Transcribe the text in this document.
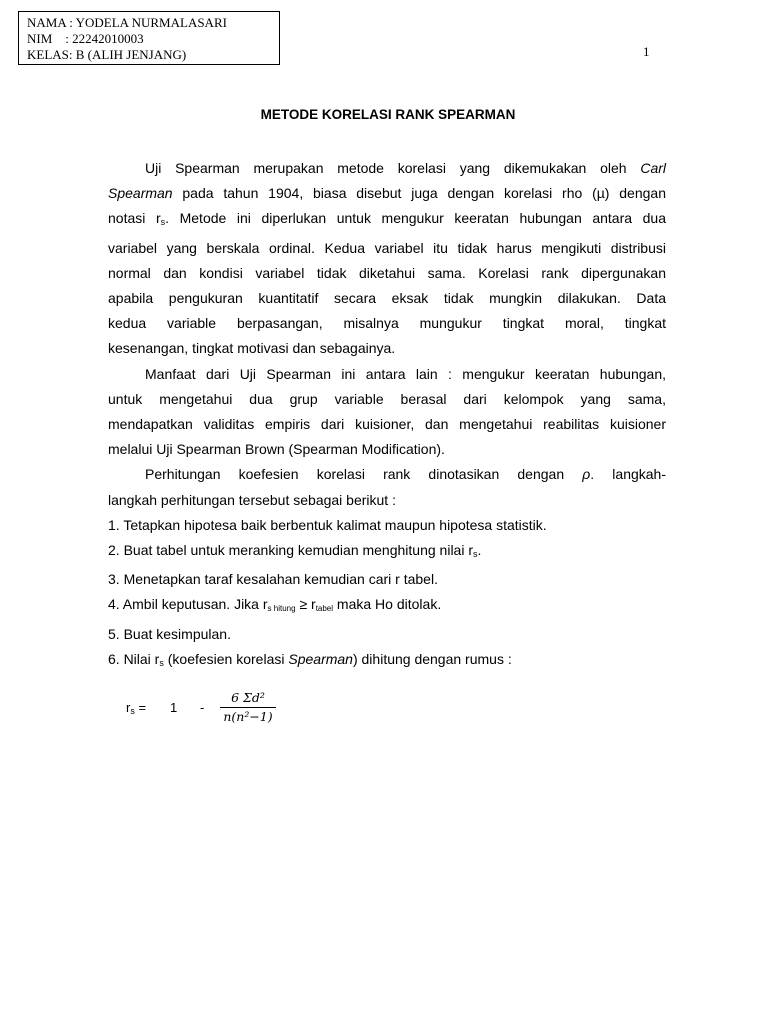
NAMA : YODELA NURMALASARI
NIM    : 22242010003
KELAS: B (ALIH JENJANG)	1
METODE KORELASI RANK SPEARMAN

Uji Spearman merupakan metode korelasi yang dikemukakan oleh Carl
Spearman pada tahun 1904, biasa disebut juga dengan korelasi rho (µ) dengan
notasi $r_s$. Metode ini diperlukan untuk mengukur keeratan hubungan antara dua
variabel yang berskala ordinal. Kedua variabel itu tidak harus mengikuti distribusi
normal dan kondisi variabel tidak diketahui sama. Korelasi rank dipergunakan
apabila pengukuran kuantitatif secara eksak tidak mungkin dilakukan. Data
kedua variable berpasangan, misalnya mungukur tingkat moral, tingkat
kesenangan, tingkat motivasi dan sebagainya.

Manfaat dari Uji Spearman ini antara lain : mengukur keeratan hubungan,
untuk mengetahui dua grup variable berasal dari kelompok yang sama,
mendapatkan validitas empiris dari kuisioner, dan mengetahui reabilitas kuisioner
melalui Uji Spearman Brown (Spearman Modification).

Perhitungan koefesien korelasi rank dinotasikan dengan ρ. langkah-
langkah perhitungan tersebut sebagai berikut :

1. Tetapkan hipotesa baik berbentuk kalimat maupun hipotesa statistik.
2. Buat tabel untuk meranking kemudian menghitung nilai $r_s$.
3. Menetapkan taraf kesalahan kemudian cari r tabel.
4. Ambil keputusan. Jika rs hitung ≥ rtabel maka Ho ditolak.
5. Buat kesimpulan.
6. Nilai $r_s$ (koefesien korelasi Spearman) dihitung dengan rumus :
$r_s = 1$ -
6 Σd²
n(n²−1)
